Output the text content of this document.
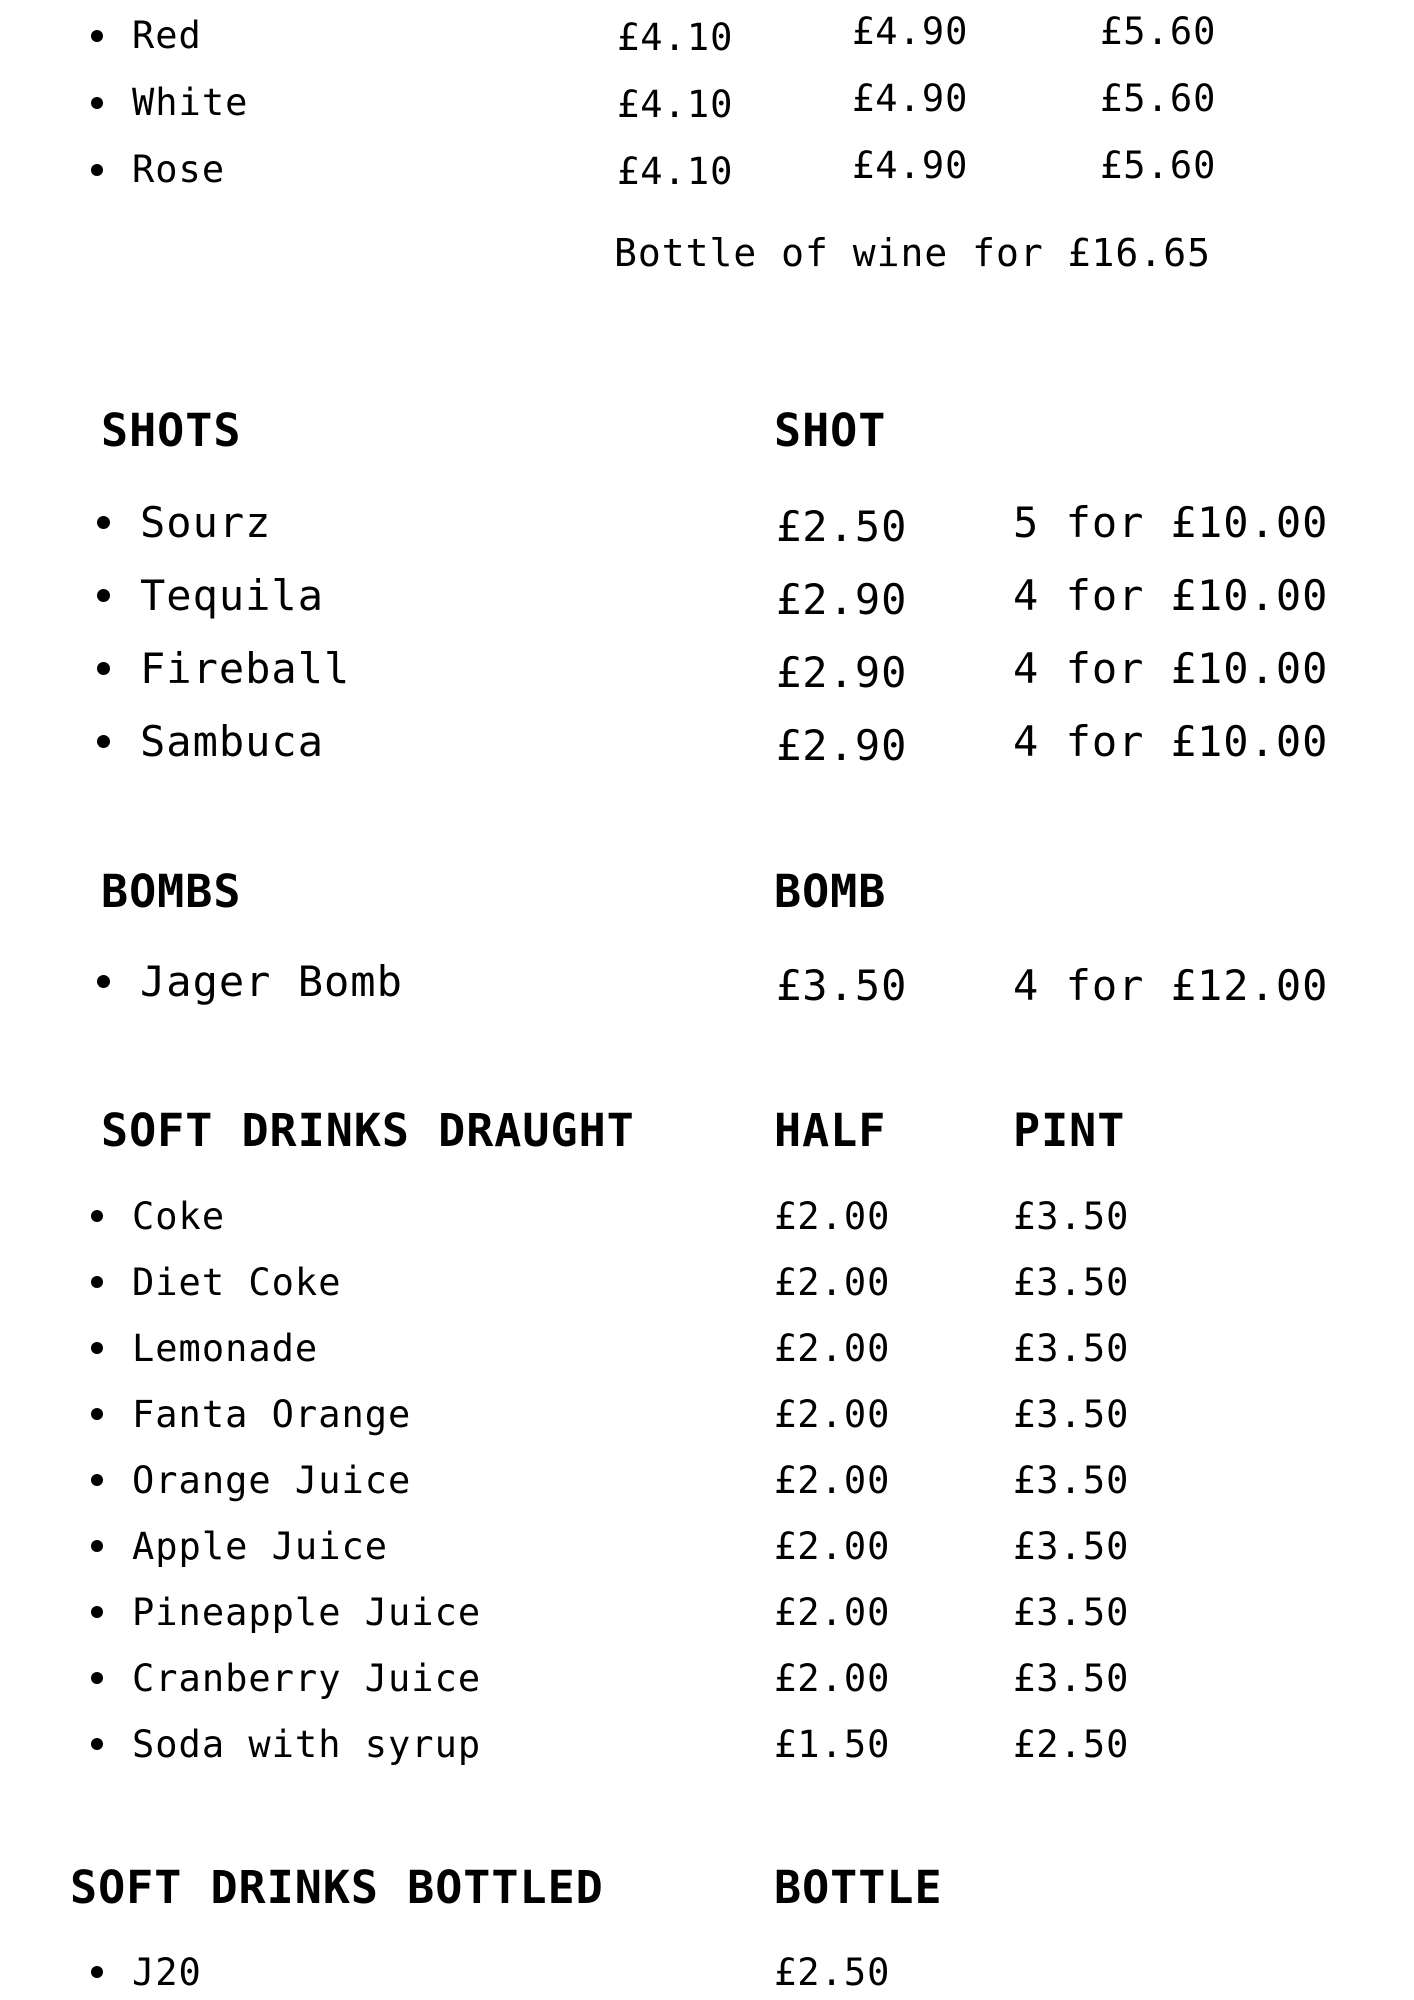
Red	£4.10	£4.90	£5.60
White	£4.10	£4.90	£5.60
Rose	£4.10	£4.90	£5.60
Bottle of wine for £16.65
SHOTS	SHOT
Sourz	£2.50	5 for £10.00
Tequila	£2.90	4 for £10.00
Fireball	£2.90	4 for £10.00
Sambuca	£2.90	4 for £10.00
BOMBS	BOMB
Jager Bomb	£3.50	4 for £12.00
SOFT DRINKS DRAUGHT	HALF	PINT
Coke	£2.00	£3.50
Diet Coke	£2.00	£3.50
Lemonade	£2.00	£3.50
Fanta Orange	£2.00	£3.50
Orange Juice	£2.00	£3.50
Apple Juice	£2.00	£3.50
Pineapple Juice	£2.00	£3.50
Cranberry Juice	£2.00	£3.50
Soda with syrup	£1.50	£2.50
SOFT DRINKS BOTTLED	BOTTLE
J20	£2.50
